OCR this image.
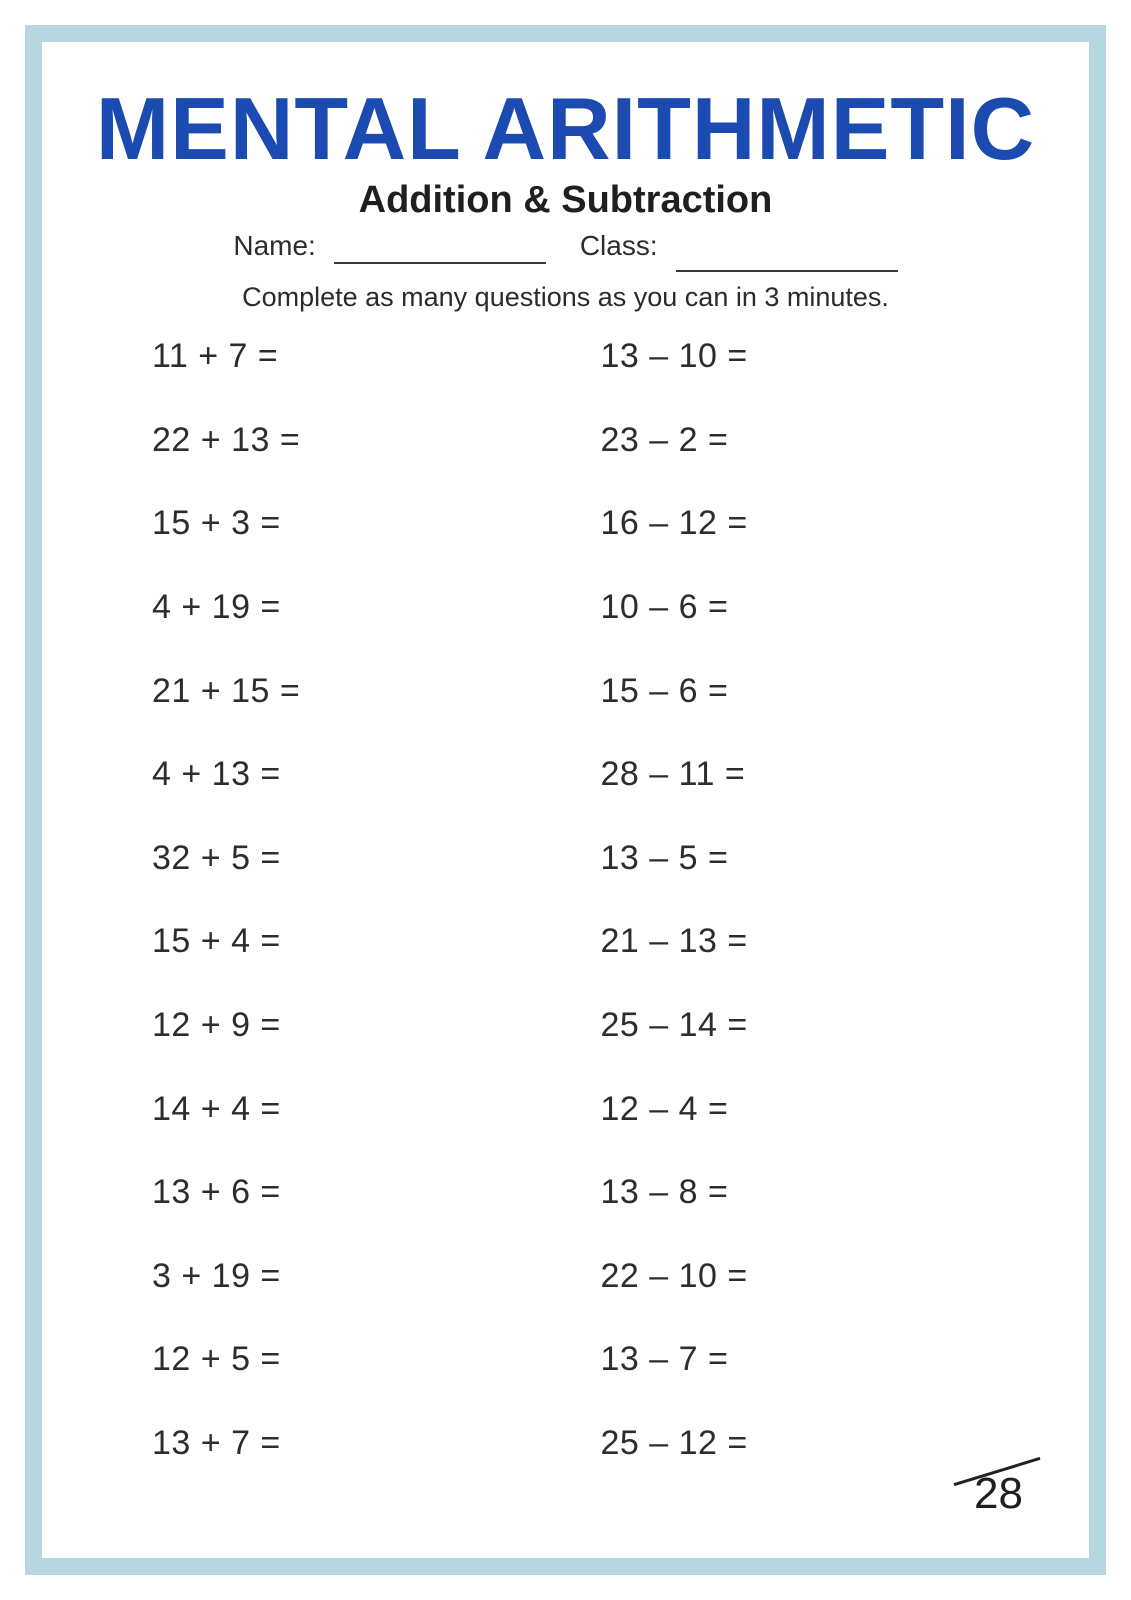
MENTAL ARITHMETIC
Addition & Subtraction
Name:	Class:
Complete as many questions as you can in 3 minutes.
11 + 7 =	13 – 10 =
22 + 13 =	23 – 2 =
15 + 3 =	16 – 12 =
4 + 19 =	10 – 6 =
21 + 15 =	15 – 6 =
4 + 13 =	28 – 11 =
32 + 5 =	13 – 5 =
15 + 4 =	21 – 13 =
12 + 9 =	25 – 14 =
14 + 4 =	12 – 4 =
13 + 6 =	13 – 8 =
3 + 19 =	22 – 10 =
12 + 5 =	13 – 7 =
13 + 7 =	25 – 12 =
28
